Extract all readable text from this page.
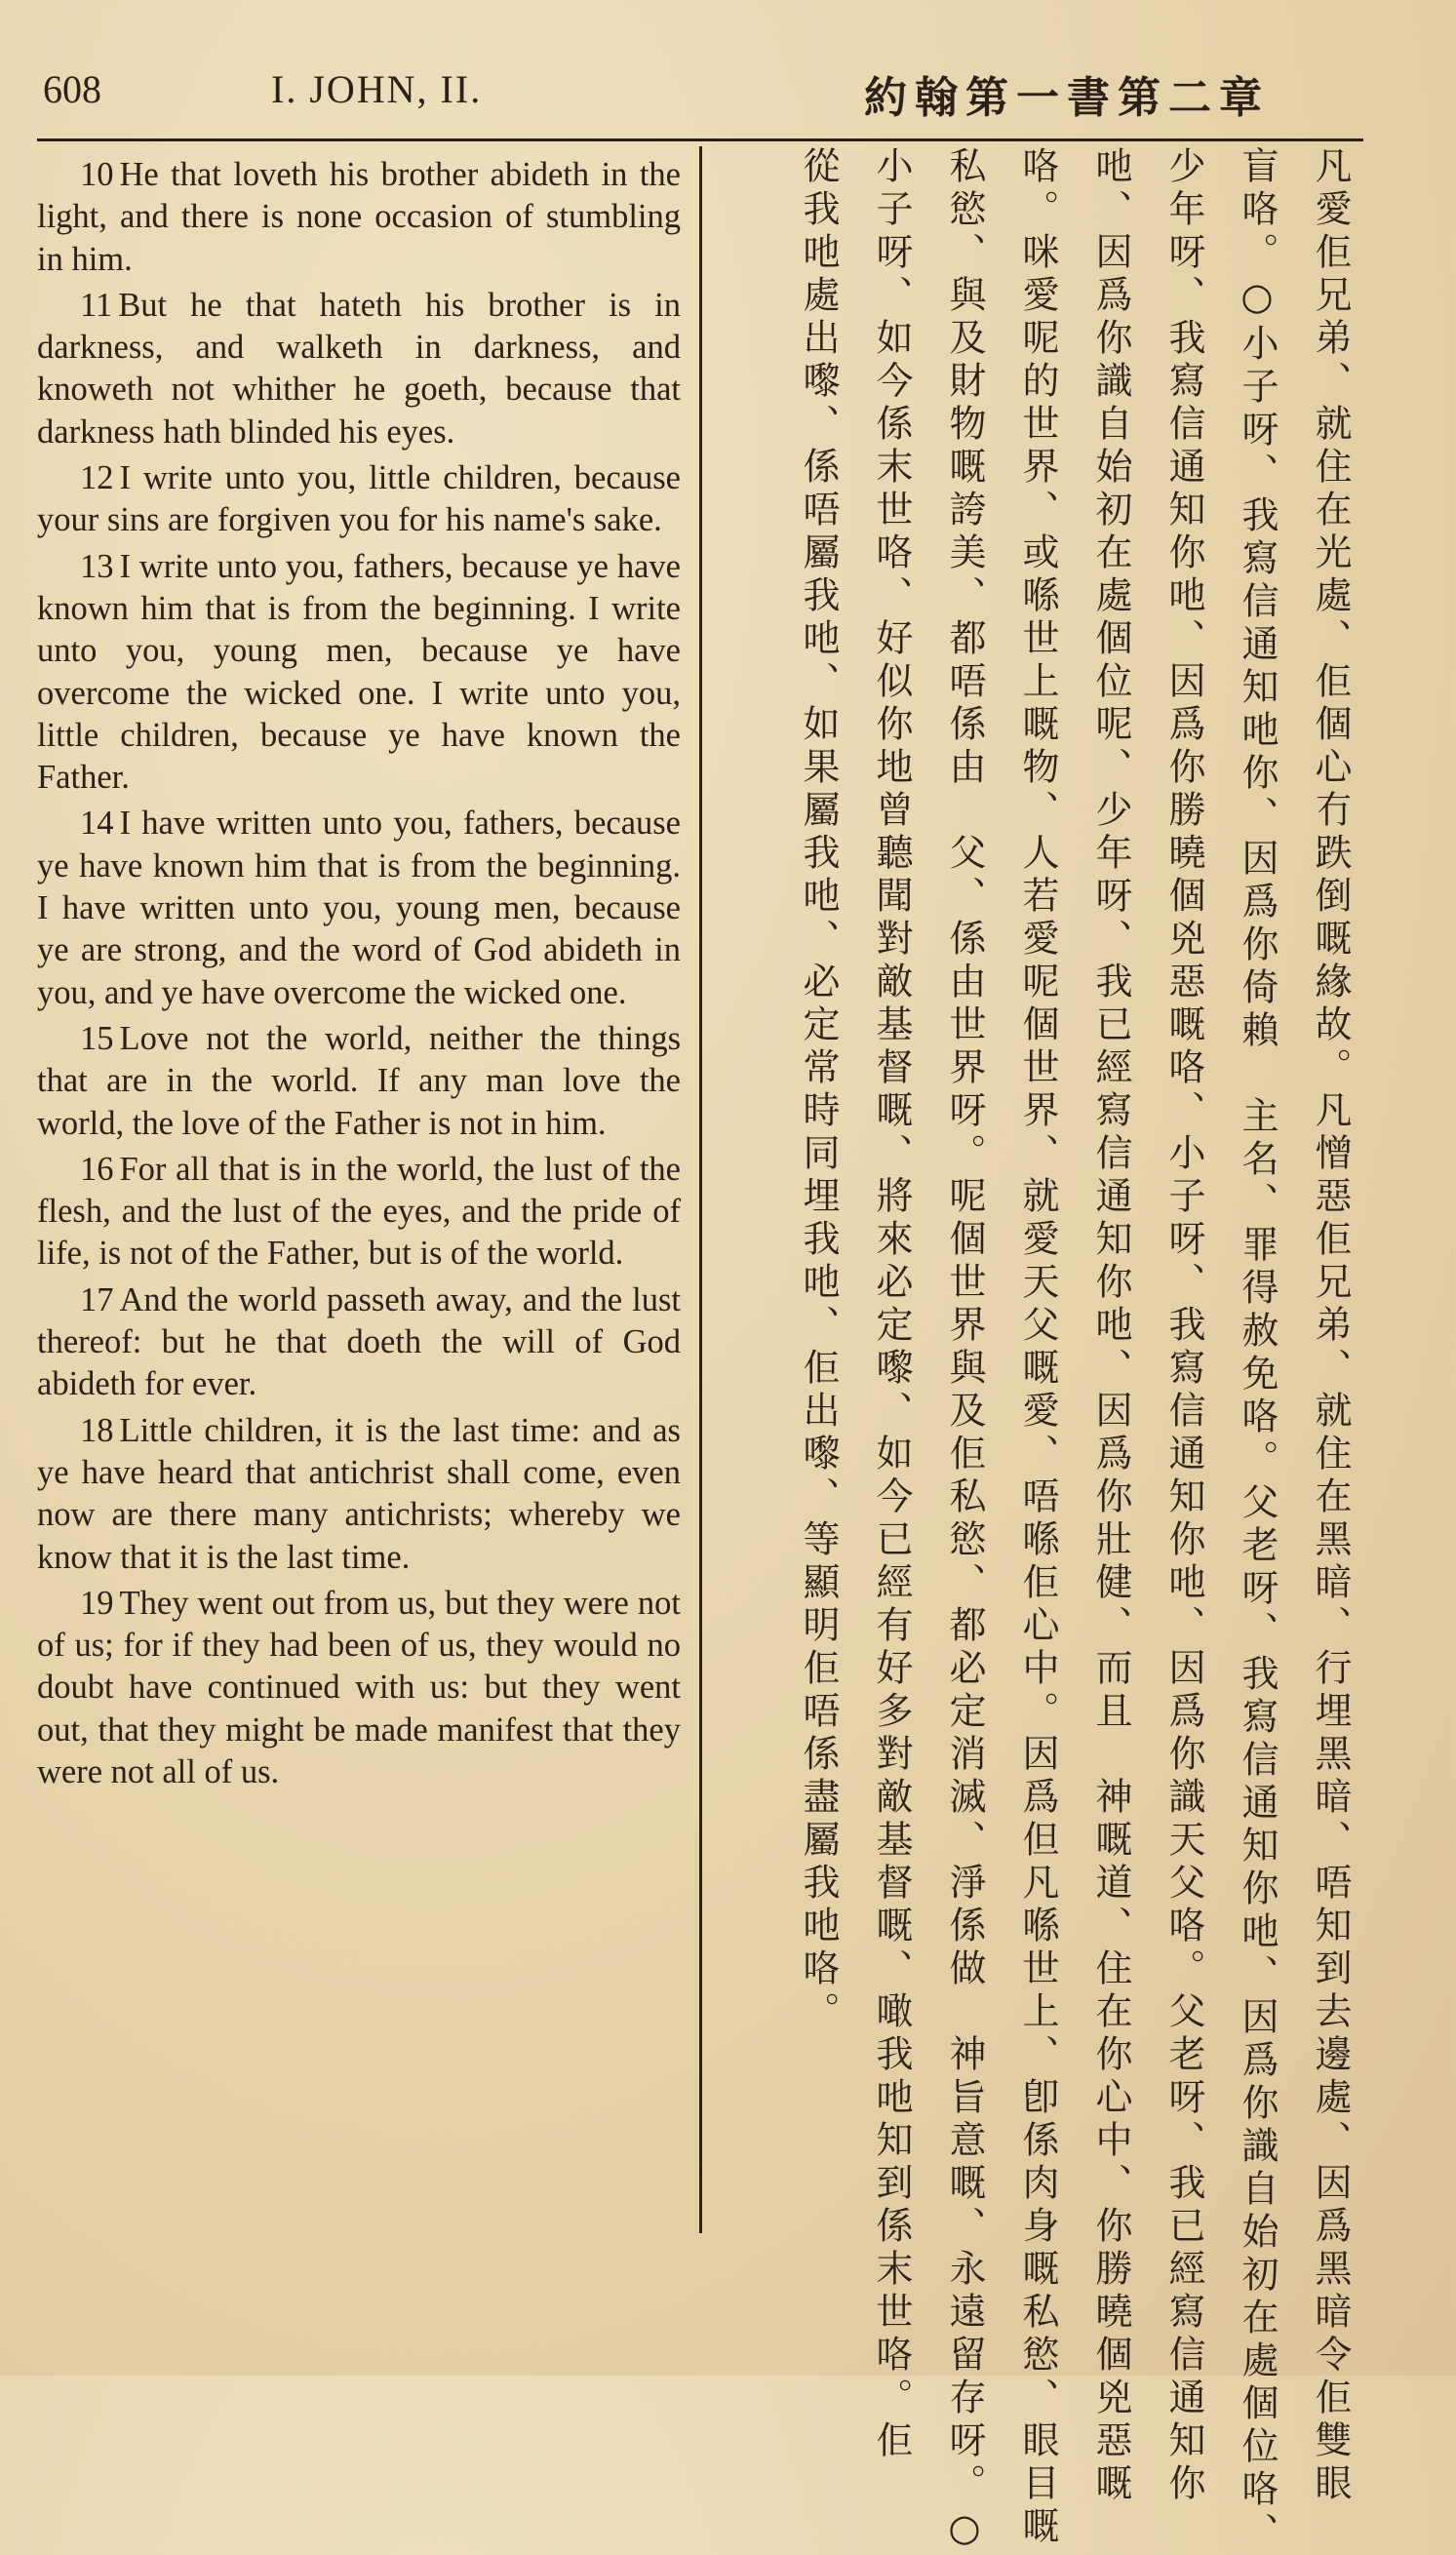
608	I. JOHN, II.	約翰第一書第二章

10 He that loveth his brother abideth in the light, and there is none occasion of stumbling in him.

11 But he that hateth his brother is in darkness, and walketh in darkness, and knoweth not whither he goeth, because that darkness hath blinded his eyes.

12 I write unto you, little children, because your sins are forgiven you for his name's sake.

13 I write unto you, fathers, because ye have known him that is from the beginning. I write unto you, young men, because ye have overcome the wicked one. I write unto you, little children, because ye have known the Father.

14 I have written unto you, fathers, because ye have known him that is from the beginning. I have written unto you, young men, because ye are strong, and the word of God abideth in you, and ye have overcome the wicked one.

15 Love not the world, neither the things that are in the world. If any man love the world, the love of the Father is not in him.

16 For all that is in the world, the lust of the flesh, and the lust of the eyes, and the pride of life, is not of the Father, but is of the world.

17 And the world passeth away, and the lust thereof: but he that doeth the will of God abideth for ever.

18 Little children, it is the last time: and as ye have heard that antichrist shall come, even now are there many antichrists; whereby we know that it is the last time.

19 They went out from us, but they were not of us; for if they had been of us, they would no doubt have continued with us: but they went out, that they might be made manifest that they were not all of us.	凡愛佢兄弟、就住在光處、佢個心冇跌倒嘅緣故。凡憎惡佢兄弟、就住在黑暗、行埋黑暗、唔知到去邊處、因爲黑暗令佢雙眼
盲咯。○小子呀、我寫信通知吔你、因爲你倚賴　主名、罪得赦免咯。父老呀、我寫信通知你吔、因爲你識自始初在處個位咯、
少年呀、我寫信通知你吔、因爲你勝曉個兇惡嘅咯、小子呀、我寫信通知你吔、因爲你識天父咯。父老呀、我已經寫信通知你
吔、因爲你識自始初在處個位呢、少年呀、我已經寫信通知你吔、因爲你壯健、而且　神嘅道、住在你心中、你勝曉個兇惡嘅
咯。咪愛呢的世界、或喺世上嘅物、人若愛呢個世界、就愛天父嘅愛、唔喺佢心中。因爲但凡喺世上、卽係肉身嘅私慾、眼目嘅
私慾、與及財物嘅誇美、都唔係由　父、係由世界呀。呢個世界與及佢私慾、都必定消滅、淨係做　神旨意嘅、永遠留存呀。○
小子呀、如今係末世咯、好似你地曾聽聞對敵基督嘅、將來必定嚟、如今已經有好多對敵基督嘅、噉我吔知到係末世咯。佢
從我吔處出嚟、係唔屬我吔、如果屬我吔、必定常時同埋我吔、佢出嚟、等顯明佢唔係盡屬我吔咯。
